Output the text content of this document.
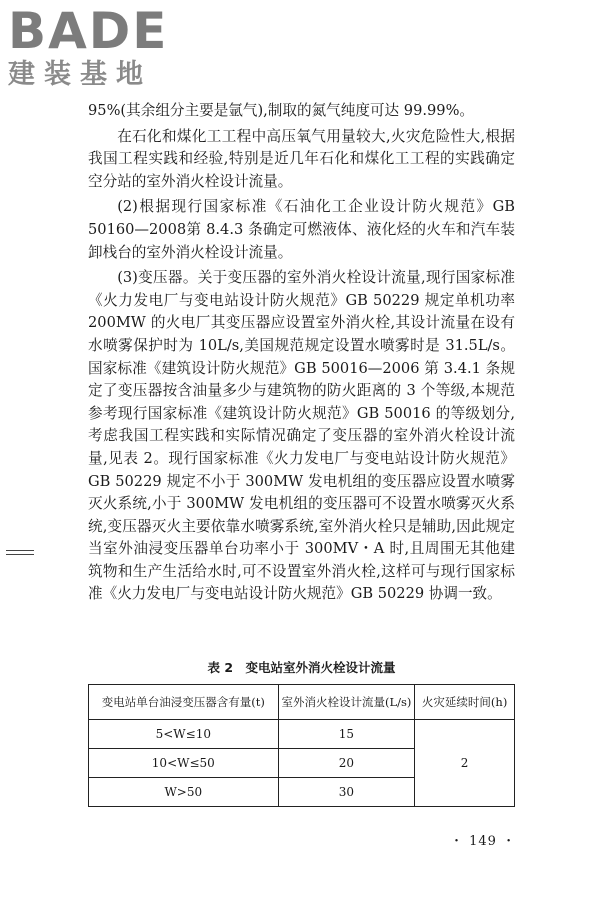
BADE
建装基地

95%(其余组分主要是氩气),制取的氮气纯度可达 99.99%。

在石化和煤化工工程中高压氧气用量较大,火灾危险性大,根据我国工程实践和经验,特别是近几年石化和煤化工工程的实践确定空分站的室外消火栓设计流量。

(2)根据现行国家标准《石油化工企业设计防火规范》GB 50160—2008第 8.4.3 条确定可燃液体、液化烃的火车和汽车装卸栈台的室外消火栓设计流量。

(3)变压器。关于变压器的室外消火栓设计流量,现行国家标准《火力发电厂与变电站设计防火规范》GB 50229 规定单机功率 200MW 的火电厂其变压器应设置室外消火栓,其设计流量在设有水喷雾保护时为 10L/s,美国规范规定设置水喷雾时是 31.5L/s。国家标准《建筑设计防火规范》GB 50016—2006 第 3.4.1 条规定了变压器按含油量多少与建筑物的防火距离的 3 个等级,本规范参考现行国家标准《建筑设计防火规范》GB 50016 的等级划分,考虑我国工程实践和实际情况确定了变压器的室外消火栓设计流量,见表 2。现行国家标准《火力发电厂与变电站设计防火规范》GB 50229 规定不小于 300MW 发电机组的变压器应设置水喷雾灭火系统,小于 300MW 发电机组的变压器可不设置水喷雾灭火系统,变压器灭火主要依靠水喷雾系统,室外消火栓只是辅助,因此规定当室外油浸变压器单台功率小于 300MV・A 时,且周围无其他建筑物和生产生活给水时,可不设置室外消火栓,这样可与现行国家标准《火力发电厂与变电站设计防火规范》GB 50229 协调一致。

表 2　变电站室外消火栓设计流量
变电站单台油浸变压器含有量(t)	室外消火栓设计流量(L/s)	火灾延续时间(h)
5<W≤10	15	2
10<W≤50	20	
W>50	30	
・ 149 ・
